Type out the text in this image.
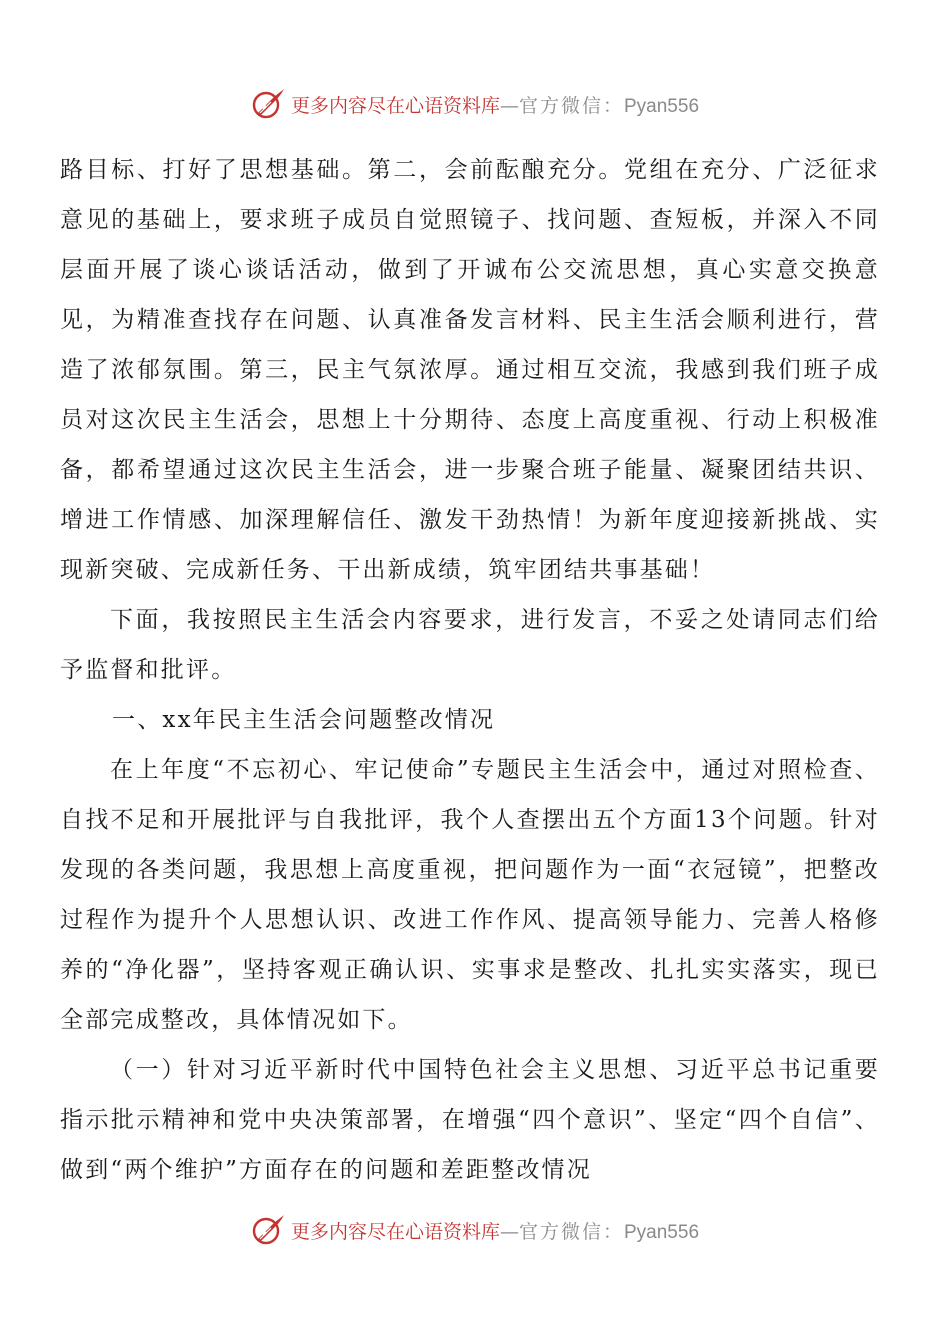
更多内容尽在心语资料库—官方微信：Pyan556

路目标、打好了思想基础。第二，会前酝酿充分。党组在充分、广泛征求意见的基础上，要求班子成员自觉照镜子、找问题、查短板，并深入不同层面开展了谈心谈话活动，做到了开诚布公交流思想，真心实意交换意见，为精准查找存在问题、认真准备发言材料、民主生活会顺利进行，营造了浓郁氛围。第三，民主气氛浓厚。通过相互交流，我感到我们班子成员对这次民主生活会，思想上十分期待、态度上高度重视、行动上积极准备，都希望通过这次民主生活会，进一步聚合班子能量、凝聚团结共识、增进工作情感、加深理解信任、激发干劲热情！为新年度迎接新挑战、实现新突破、完成新任务、干出新成绩，筑牢团结共事基础！

下面，我按照民主生活会内容要求，进行发言，不妥之处请同志们给予监督和批评。

一、xx年民主生活会问题整改情况

在上年度“不忘初心、牢记使命”专题民主生活会中，通过对照检查、自找不足和开展批评与自我批评，我个人查摆出五个方面13个问题。针对发现的各类问题，我思想上高度重视，把问题作为一面“衣冠镜”，把整改过程作为提升个人思想认识、改进工作作风、提高领导能力、完善人格修养的“净化器”，坚持客观正确认识、实事求是整改、扎扎实实落实，现已全部完成整改，具体情况如下。

（一）针对习近平新时代中国特色社会主义思想、习近平总书记重要指示批示精神和党中央决策部署，在增强“四个意识”、坚定“四个自信”、做到“两个维护”方面存在的问题和差距整改情况

更多内容尽在心语资料库—官方微信：Pyan556
